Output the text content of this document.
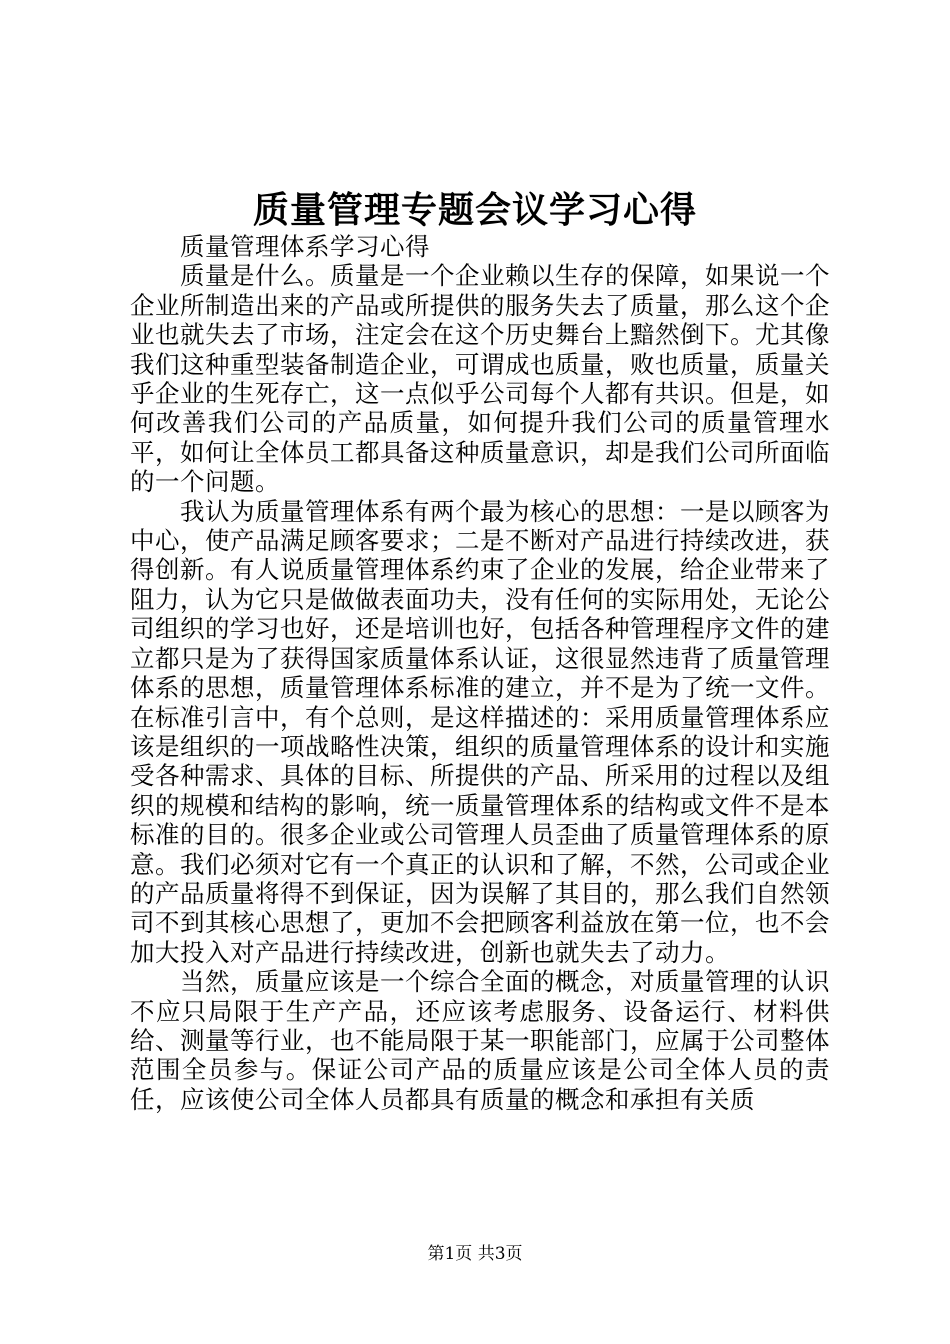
质量管理专题会议学习心得

质量管理体系学习心得

质量是什么。质量是一个企业赖以生存的保障，如果说一个企业所制造出来的产品或所提供的服务失去了质量，那么这个企业也就失去了市场，注定会在这个历史舞台上黯然倒下。尤其像我们这种重型装备制造企业，可谓成也质量，败也质量，质量关乎企业的生死存亡，这一点似乎公司每个人都有共识。但是，如何改善我们公司的产品质量，如何提升我们公司的质量管理水平，如何让全体员工都具备这种质量意识，却是我们公司所面临的一个问题。

我认为质量管理体系有两个最为核心的思想：一是以顾客为中心，使产品满足顾客要求；二是不断对产品进行持续改进，获得创新。有人说质量管理体系约束了企业的发展，给企业带来了阻力，认为它只是做做表面功夫，没有任何的实际用处，无论公司组织的学习也好，还是培训也好，包括各种管理程序文件的建立都只是为了获得国家质量体系认证，这很显然违背了质量管理体系的思想，质量管理体系标准的建立，并不是为了统一文件。在标准引言中，有个总则，是这样描述的：采用质量管理体系应该是组织的一项战略性决策，组织的质量管理体系的设计和实施受各种需求、具体的目标、所提供的产品、所采用的过程以及组织的规模和结构的影响，统一质量管理体系的结构或文件不是本标准的目的。很多企业或公司管理人员歪曲了质量管理体系的原意。我们必须对它有一个真正的认识和了解，不然，公司或企业的产品质量将得不到保证，因为误解了其目的，那么我们自然领司不到其核心思想了，更加不会把顾客利益放在第一位，也不会加大投入对产品进行持续改进，创新也就失去了动力。

当然，质量应该是一个综合全面的概念，对质量管理的认识不应只局限于生产产品，还应该考虑服务、设备运行、材料供给、测量等行业，也不能局限于某一职能部门，应属于公司整体范围全员参与。保证公司产品的质量应该是公司全体人员的责任，应该使公司全体人员都具有质量的概念和承担有关质

第1页 共3页
